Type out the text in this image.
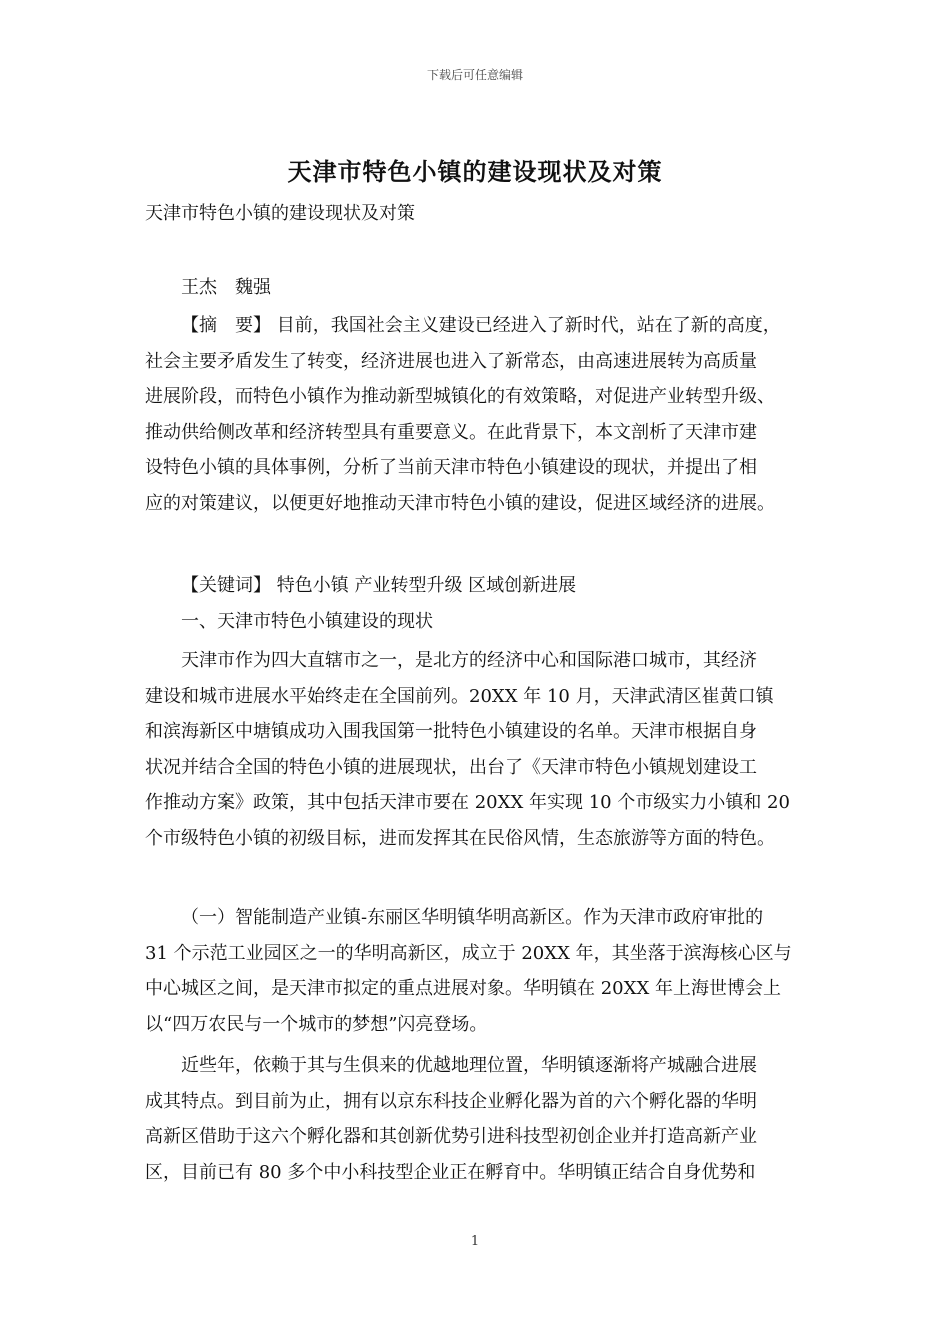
下载后可任意编辑
天津市特色小镇的建设现状及对策
天津市特色小镇的建设现状及对策
王杰　魏强
【摘　要】 目前，我国社会主义建设已经进入了新时代，站在了新的高度，
社会主要矛盾发生了转变，经济进展也进入了新常态，由高速进展转为高质量
进展阶段，而特色小镇作为推动新型城镇化的有效策略，对促进产业转型升级、
推动供给侧改革和经济转型具有重要意义。在此背景下，本文剖析了天津市建
设特色小镇的具体事例，分析了当前天津市特色小镇建设的现状，并提出了相
应的对策建议，以便更好地推动天津市特色小镇的建设，促进区域经济的进展。
【关键词】 特色小镇 产业转型升级 区域创新进展
一、天津市特色小镇建设的现状
天津市作为四大直辖市之一，是北方的经济中心和国际港口城市，其经济
建设和城市进展水平始终走在全国前列。20XX 年 10 月，天津武清区崔黄口镇
和滨海新区中塘镇成功入围我国第一批特色小镇建设的名单。天津市根据自身
状况并结合全国的特色小镇的进展现状，出台了《天津市特色小镇规划建设工
作推动方案》政策，其中包括天津市要在 20XX 年实现 10 个市级实力小镇和 20
个市级特色小镇的初级目标，进而发挥其在民俗风情，生态旅游等方面的特色。
（一）智能制造产业镇-东丽区华明镇华明高新区。作为天津市政府审批的
31 个示范工业园区之一的华明高新区，成立于 20XX 年，其坐落于滨海核心区与
中心城区之间，是天津市拟定的重点进展对象。华明镇在 20XX 年上海世博会上
以“四万农民与一个城市的梦想”闪亮登场。
近些年，依赖于其与生俱来的优越地理位置，华明镇逐渐将产城融合进展
成其特点。到目前为止，拥有以京东科技企业孵化器为首的六个孵化器的华明
高新区借助于这六个孵化器和其创新优势引进科技型初创企业并打造高新产业
区，目前已有 80 多个中小科技型企业正在孵育中。华明镇正结合自身优势和
1
